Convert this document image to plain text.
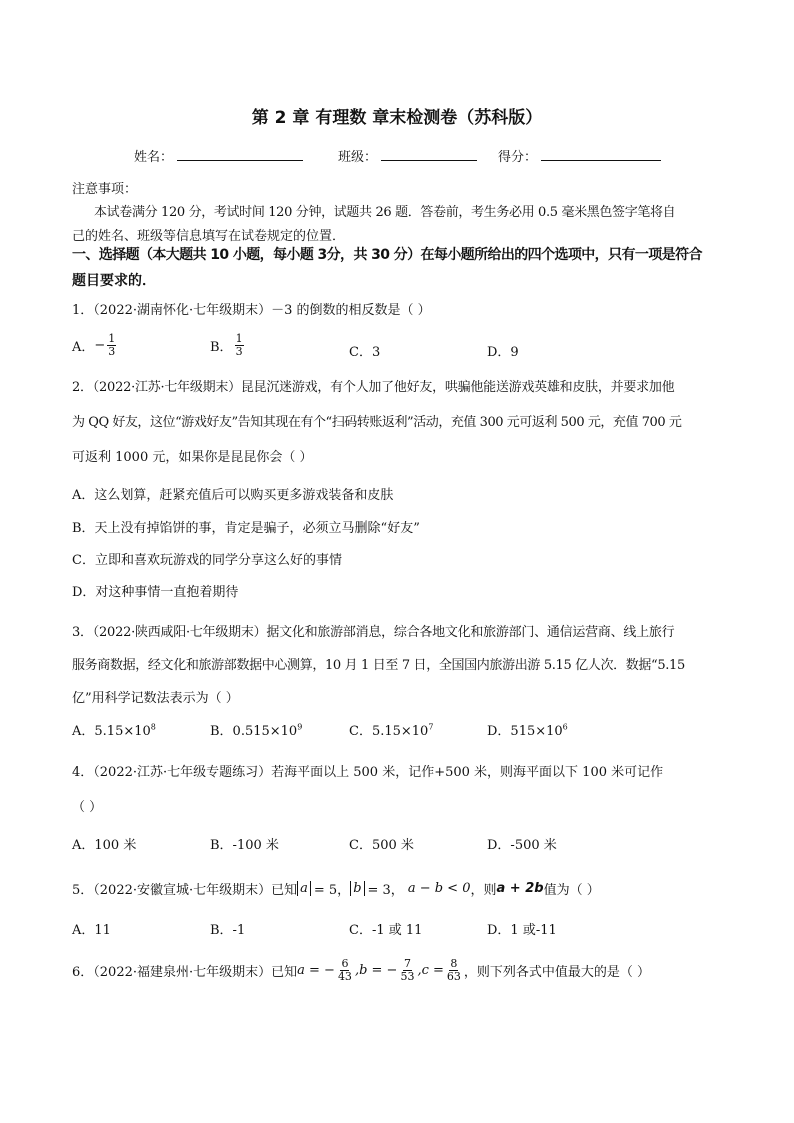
第 2 章 有理数 章末检测卷（苏科版）
姓名：	班级：	得分：
注意事项：
本试卷满分 120 分，考试时间 120 分钟，试题共 26 题．答卷前，考生务必用 0.5 毫米黑色签字笔将自
己的姓名、班级等信息填写在试卷规定的位置．
一、选择题（本大题共 10 小题，每小题 3分，共 30 分）在每小题所给出的四个选项中，只有一项是符合
题目要求的．
1．（2022·湖南怀化·七年级期末）－3 的倒数的相反数是（ ）
A． − $\frac{1}{3}$	B． $\frac{1}{3}$	C．3	D．9
2．（2022·江苏·七年级期末）昆昆沉迷游戏，有个人加了他好友，哄骗他能送游戏英雄和皮肤，并要求加他
为 QQ 好友，这位“游戏好友”告知其现在有个“扫码转账返利”活动，充值 300 元可返利 500 元，充值 700 元
可返利 1000 元，如果你是昆昆你会（ ）
A．这么划算，赶紧充值后可以购买更多游戏装备和皮肤
B．天上没有掉馅饼的事，肯定是骗子，必须立马删除“好友”
C．立即和喜欢玩游戏的同学分享这么好的事情
D．对这种事情一直抱着期待
3．（2022·陕西咸阳·七年级期末）据文化和旅游部消息，综合各地文化和旅游部门、通信运营商、线上旅行
服务商数据，经文化和旅游部数据中心测算，10 月 1 日至 7 日，全国国内旅游出游 5.15 亿人次．数据“5.15
亿”用科学记数法表示为（ ）
A．$5.15\times 10^8$	B．$0.515\times 10^9$	C．$5.15\times 10^7$	D．$515\times 10^6$
4．（2022·江苏·七年级专题练习）若海平面以上 500 米，记作+500 米，则海平面以下 100 米可记作
（ ）
A．100 米	B．-100 米	C．500 米	D．-500 米
5．（2022·安徽宣城·七年级期末）已知 a = 5， b = 3， a − b < 0 ，则 a + 2b 值为（ ）
A．11	B．-1	C．-1 或 11	D．1 或-11
6．（2022·福建泉州·七年级期末）已知 a = − $\frac{6}{43} ,b$ = − $\frac{7}{53} ,c = \frac{8}{63}$ ，则下列各式中值最大的是（ ）
